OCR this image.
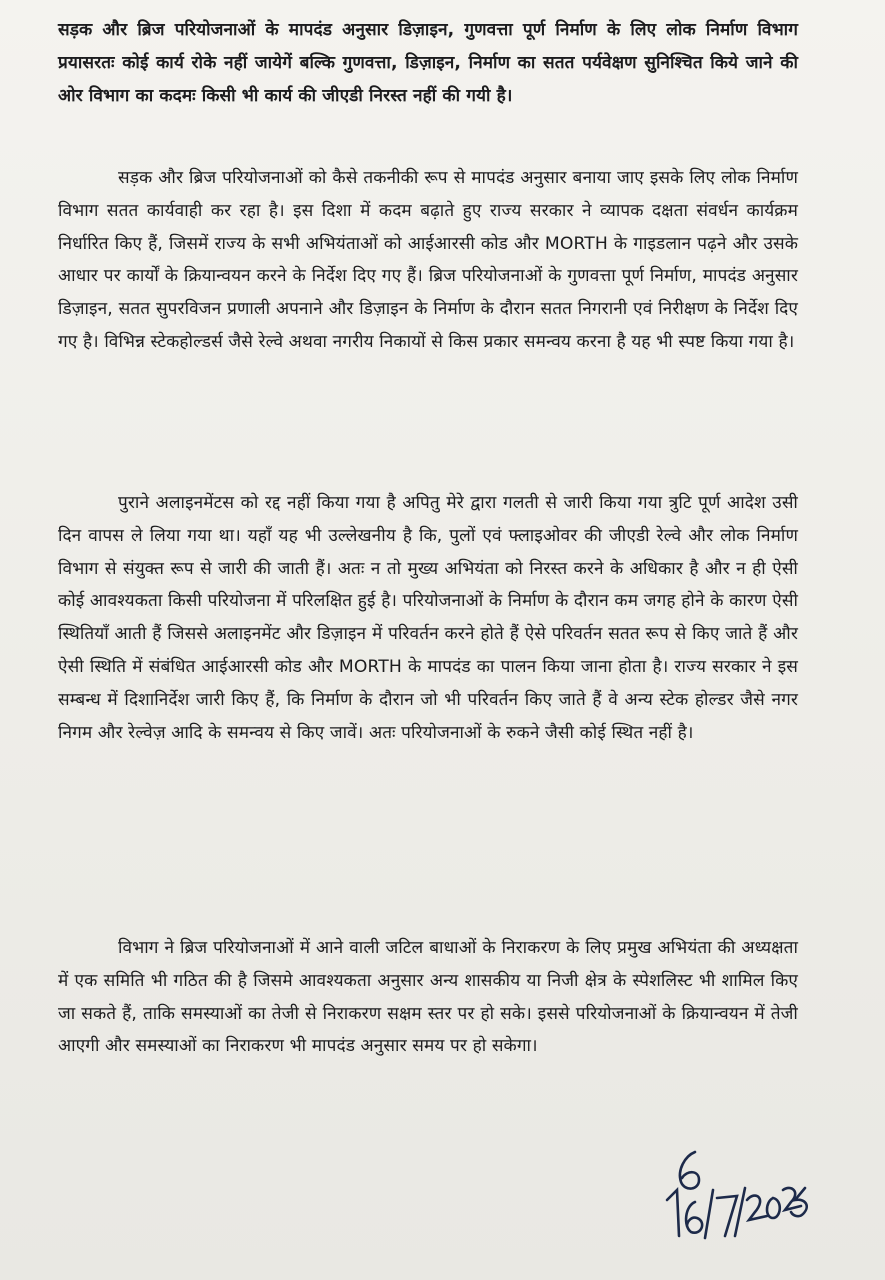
सड़क और ब्रिज परियोजनाओं के मापदंड अनुसार डिज़ाइन, गुणवत्ता पूर्ण निर्माण के लिए लोक निर्माण विभाग प्रयासरतः कोई कार्य रोके नहीं जायेगें बल्कि गुणवत्ता, डिज़ाइन, निर्माण का सतत पर्यवेक्षण सुनिश्चित किये जाने की ओर विभाग का कदमः किसी भी कार्य की जीएडी निरस्त नहीं की गयी है।

सड़क और ब्रिज परियोजनाओं को कैसे तकनीकी रूप से मापदंड अनुसार बनाया जाए इसके लिए लोक निर्माण विभाग सतत कार्यवाही कर रहा है। इस दिशा में कदम बढ़ाते हुए राज्य सरकार ने व्यापक दक्षता संवर्धन कार्यक्रम निर्धारित किए हैं, जिसमें राज्य के सभी अभियंताओं को आईआरसी कोड और MORTH के गाइडलान पढ़ने और उसके आधार पर कार्यों के क्रियान्वयन करने के निर्देश दिए गए हैं। ब्रिज परियोजनाओं के गुणवत्ता पूर्ण निर्माण, मापदंड अनुसार डिज़ाइन, सतत सुपरविजन प्रणाली अपनाने और डिज़ाइन के निर्माण के दौरान सतत निगरानी एवं निरीक्षण के निर्देश दिए गए है। विभिन्न स्टेकहोल्डर्स जैसे रेल्वे अथवा नगरीय निकायों से किस प्रकार समन्वय करना है यह भी स्पष्ट किया गया है।

पुराने अलाइनमेंटस को रद्द नहीं किया गया है अपितु मेरे द्वारा गलती से जारी किया गया त्रुटि पूर्ण आदेश उसी दिन वापस ले लिया गया था। यहाँ यह भी उल्लेखनीय है कि, पुलों एवं फ्लाइओवर की जीएडी रेल्वे और लोक निर्माण विभाग से संयुक्त रूप से जारी की जाती हैं। अतः न तो मुख्य अभियंता को निरस्त करने के अधिकार है और न ही ऐसी कोई आवश्यकता किसी परियोजना में परिलक्षित हुई है। परियोजनाओं के निर्माण के दौरान कम जगह होने के कारण ऐसी स्थितियाँ आती हैं जिससे अलाइनमेंट और डिज़ाइन में परिवर्तन करने होते हैं ऐसे परिवर्तन सतत रूप से किए जाते हैं और ऐसी स्थिति में संबंधित आईआरसी कोड और MORTH के मापदंड का पालन किया जाना होता है। राज्य सरकार ने इस सम्बन्ध में दिशानिर्देश जारी किए हैं, कि निर्माण के दौरान जो भी परिवर्तन किए जाते हैं वे अन्य स्टेक होल्डर जैसे नगर निगम और रेल्वेज़ आदि के समन्वय से किए जावें। अतः परियोजनाओं के रुकने जैसी कोई स्थित नहीं है।

विभाग ने ब्रिज परियोजनाओं में आने वाली जटिल बाधाओं के निराकरण के लिए प्रमुख अभियंता की अध्यक्षता में एक समिति भी गठित की है जिसमे आवश्यकता अनुसार अन्य शासकीय या निजी क्षेत्र के स्पेशलिस्ट भी शामिल किए जा सकते हैं, ताकि समस्याओं का तेजी से निराकरण सक्षम स्तर पर हो सके। इससे परियोजनाओं के क्रियान्वयन में तेजी आएगी और समस्याओं का निराकरण भी मापदंड अनुसार समय पर हो सकेगा।
